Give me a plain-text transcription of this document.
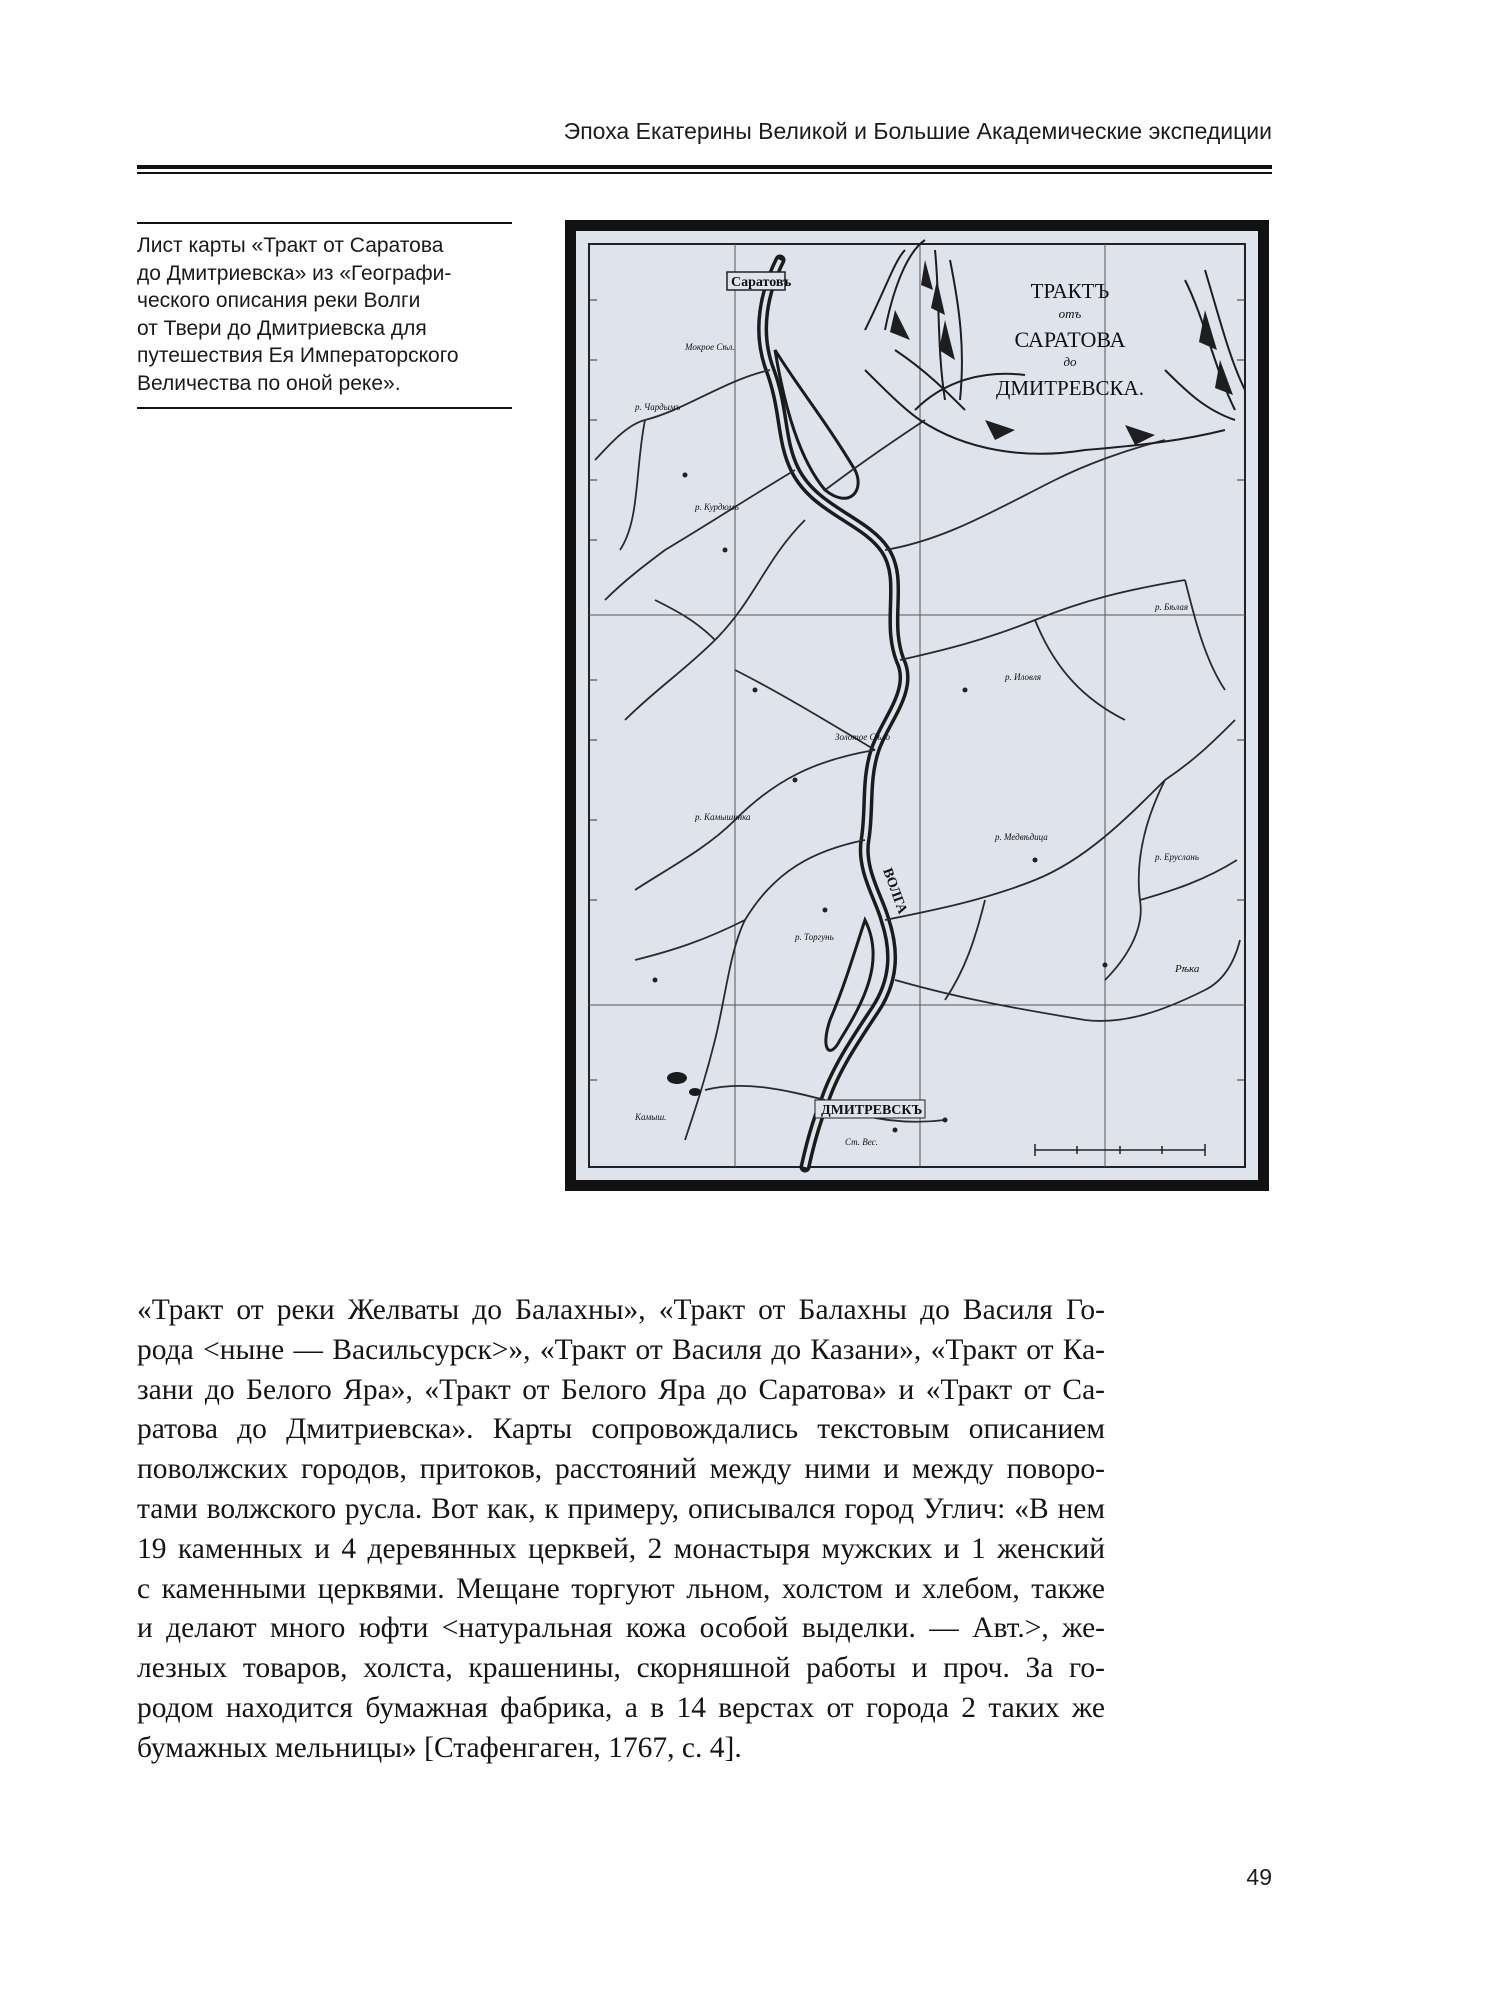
Эпоха Екатерины Великой и Большие Академические экспедиции
Лист карты «Тракт от Саратова
до Дмитриевска» из «Географи-
ческого описания реки Волги
от Твери до Дмитриевска для
путешествия Ея Императорского
Величества по оной реке».
ТРАКТЪ
отъ
САРАТОВА
до
ДМИТРЕВСКА.
Саратовъ
ДМИТРЕВСКЪ
ВОЛГА
Рѣка
Мокрое Сѣл.
р. Чардымъ
р. Курдюмъ
Золотое Сѣло
р. Иловля
р. Камышинка
р. Еруслань
р. Торгунь
р. Бѣлая
р. Медвѣдица
Ст. Вес.
Камыш.
«Тракт от реки Желваты до Балахны», «Тракт от Балахны до Василя Го-
рода <ныне — Васильсурск>», «Тракт от Василя до Казани», «Тракт от Ка-
зани до Белого Яра», «Тракт от Белого Яра до Саратова» и «Тракт от Са-
ратова до Дмитриевска». Карты сопровождались текстовым описанием
поволжских городов, притоков, расстояний между ними и между поворо-
тами волжского русла. Вот как, к примеру, описывался город Углич: «В нем
19 каменных и 4 деревянных церквей, 2 монастыря мужских и 1 женский
с каменными церквями. Мещане торгуют льном, холстом и хлебом, также
и делают много юфти <натуральная кожа особой выделки. — Авт.>, же-
лезных товаров, холста, крашенины, скорняшной работы и проч. За го-
родом находится бумажная фабрика, а в 14 верстах от города 2 таких же
бумажных мельницы» [Стафенгаген, 1767, с. 4].
49
